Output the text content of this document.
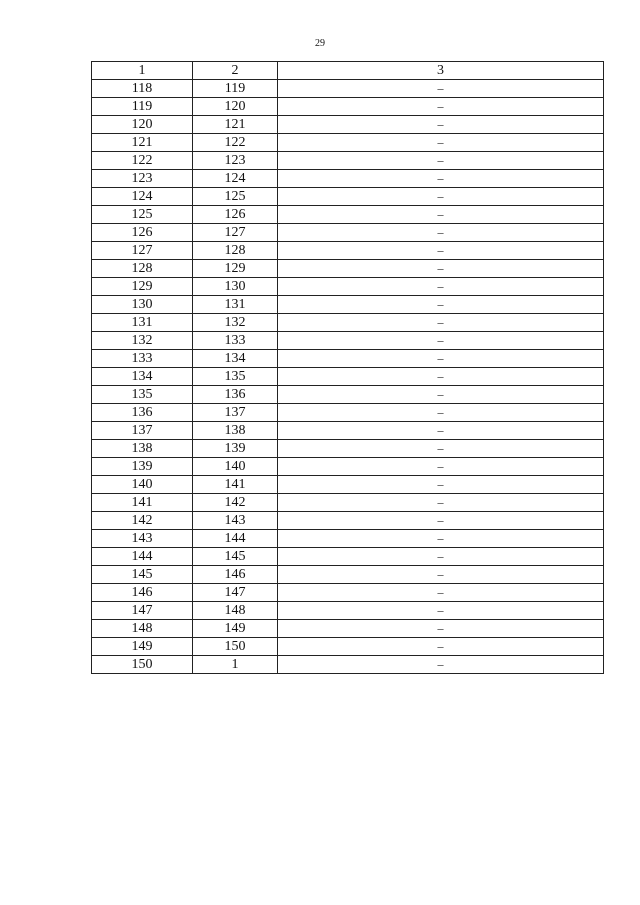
29
1	2	3
118	119	–
119	120	–
120	121	–
121	122	–
122	123	–
123	124	–
124	125	–
125	126	–
126	127	–
127	128	–
128	129	–
129	130	–
130	131	–
131	132	–
132	133	–
133	134	–
134	135	–
135	136	–
136	137	–
137	138	–
138	139	–
139	140	–
140	141	–
141	142	–
142	143	–
143	144	–
144	145	–
145	146	–
146	147	–
147	148	–
148	149	–
149	150	–
150	1	–
